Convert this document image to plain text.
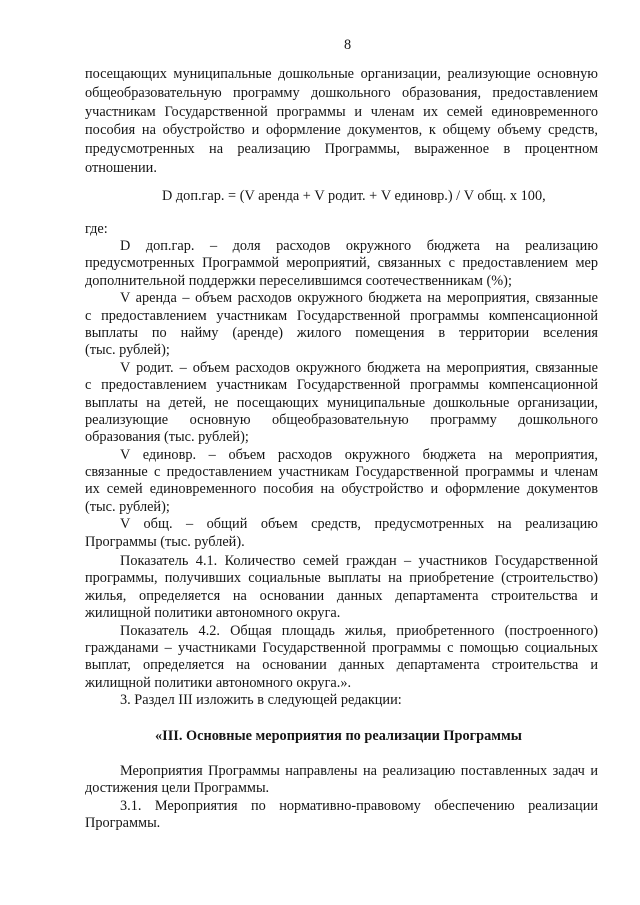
8
посещающих муниципальные дошкольные организации, реализующие основную
общеобразовательную программу дошкольного образования, предоставлением
участникам Государственной программы и членам их семей единовременного
пособия на обустройство и оформление документов, к общему объему средств,
предусмотренных на реализацию Программы, выраженное в процентном
отношении.
D доп.гар. = (V аренда + V родит. + V единовр.) / V общ. х 100,
где:
D доп.гар. – доля расходов окружного бюджета на реализацию
предусмотренных Программой мероприятий, связанных с предоставлением мер
дополнительной поддержки переселившимся соотечественникам (%);
V аренда – объем расходов окружного бюджета на мероприятия, связанные
с предоставлением участникам Государственной программы компенсационной
выплаты по найму (аренде) жилого помещения в территории вселения
(тыс. рублей);
V родит. – объем расходов окружного бюджета на мероприятия, связанные
с предоставлением участникам Государственной программы компенсационной
выплаты на детей, не посещающих муниципальные дошкольные организации,
реализующие основную общеобразовательную программу дошкольного
образования (тыс. рублей);
V единовр. – объем расходов окружного бюджета на мероприятия,
связанные с предоставлением участникам Государственной программы и членам
их семей единовременного пособия на обустройство и оформление документов
(тыс. рублей);
V общ. – общий объем средств, предусмотренных на реализацию
Программы (тыс. рублей).
Показатель 4.1. Количество семей граждан – участников Государственной
программы, получивших социальные выплаты на приобретение (строительство)
жилья, определяется на основании данных департамента строительства и
жилищной политики автономного округа.
Показатель 4.2. Общая площадь жилья, приобретенного (построенного)
гражданами – участниками Государственной программы с помощью социальных
выплат, определяется на основании данных департамента строительства и
жилищной политики автономного округа.».
3. Раздел III изложить в следующей редакции:
«III. Основные мероприятия по реализации Программы
Мероприятия Программы направлены на реализацию поставленных задач и
достижения цели Программы.
3.1. Мероприятия по нормативно-правовому обеспечению реализации
Программы.
